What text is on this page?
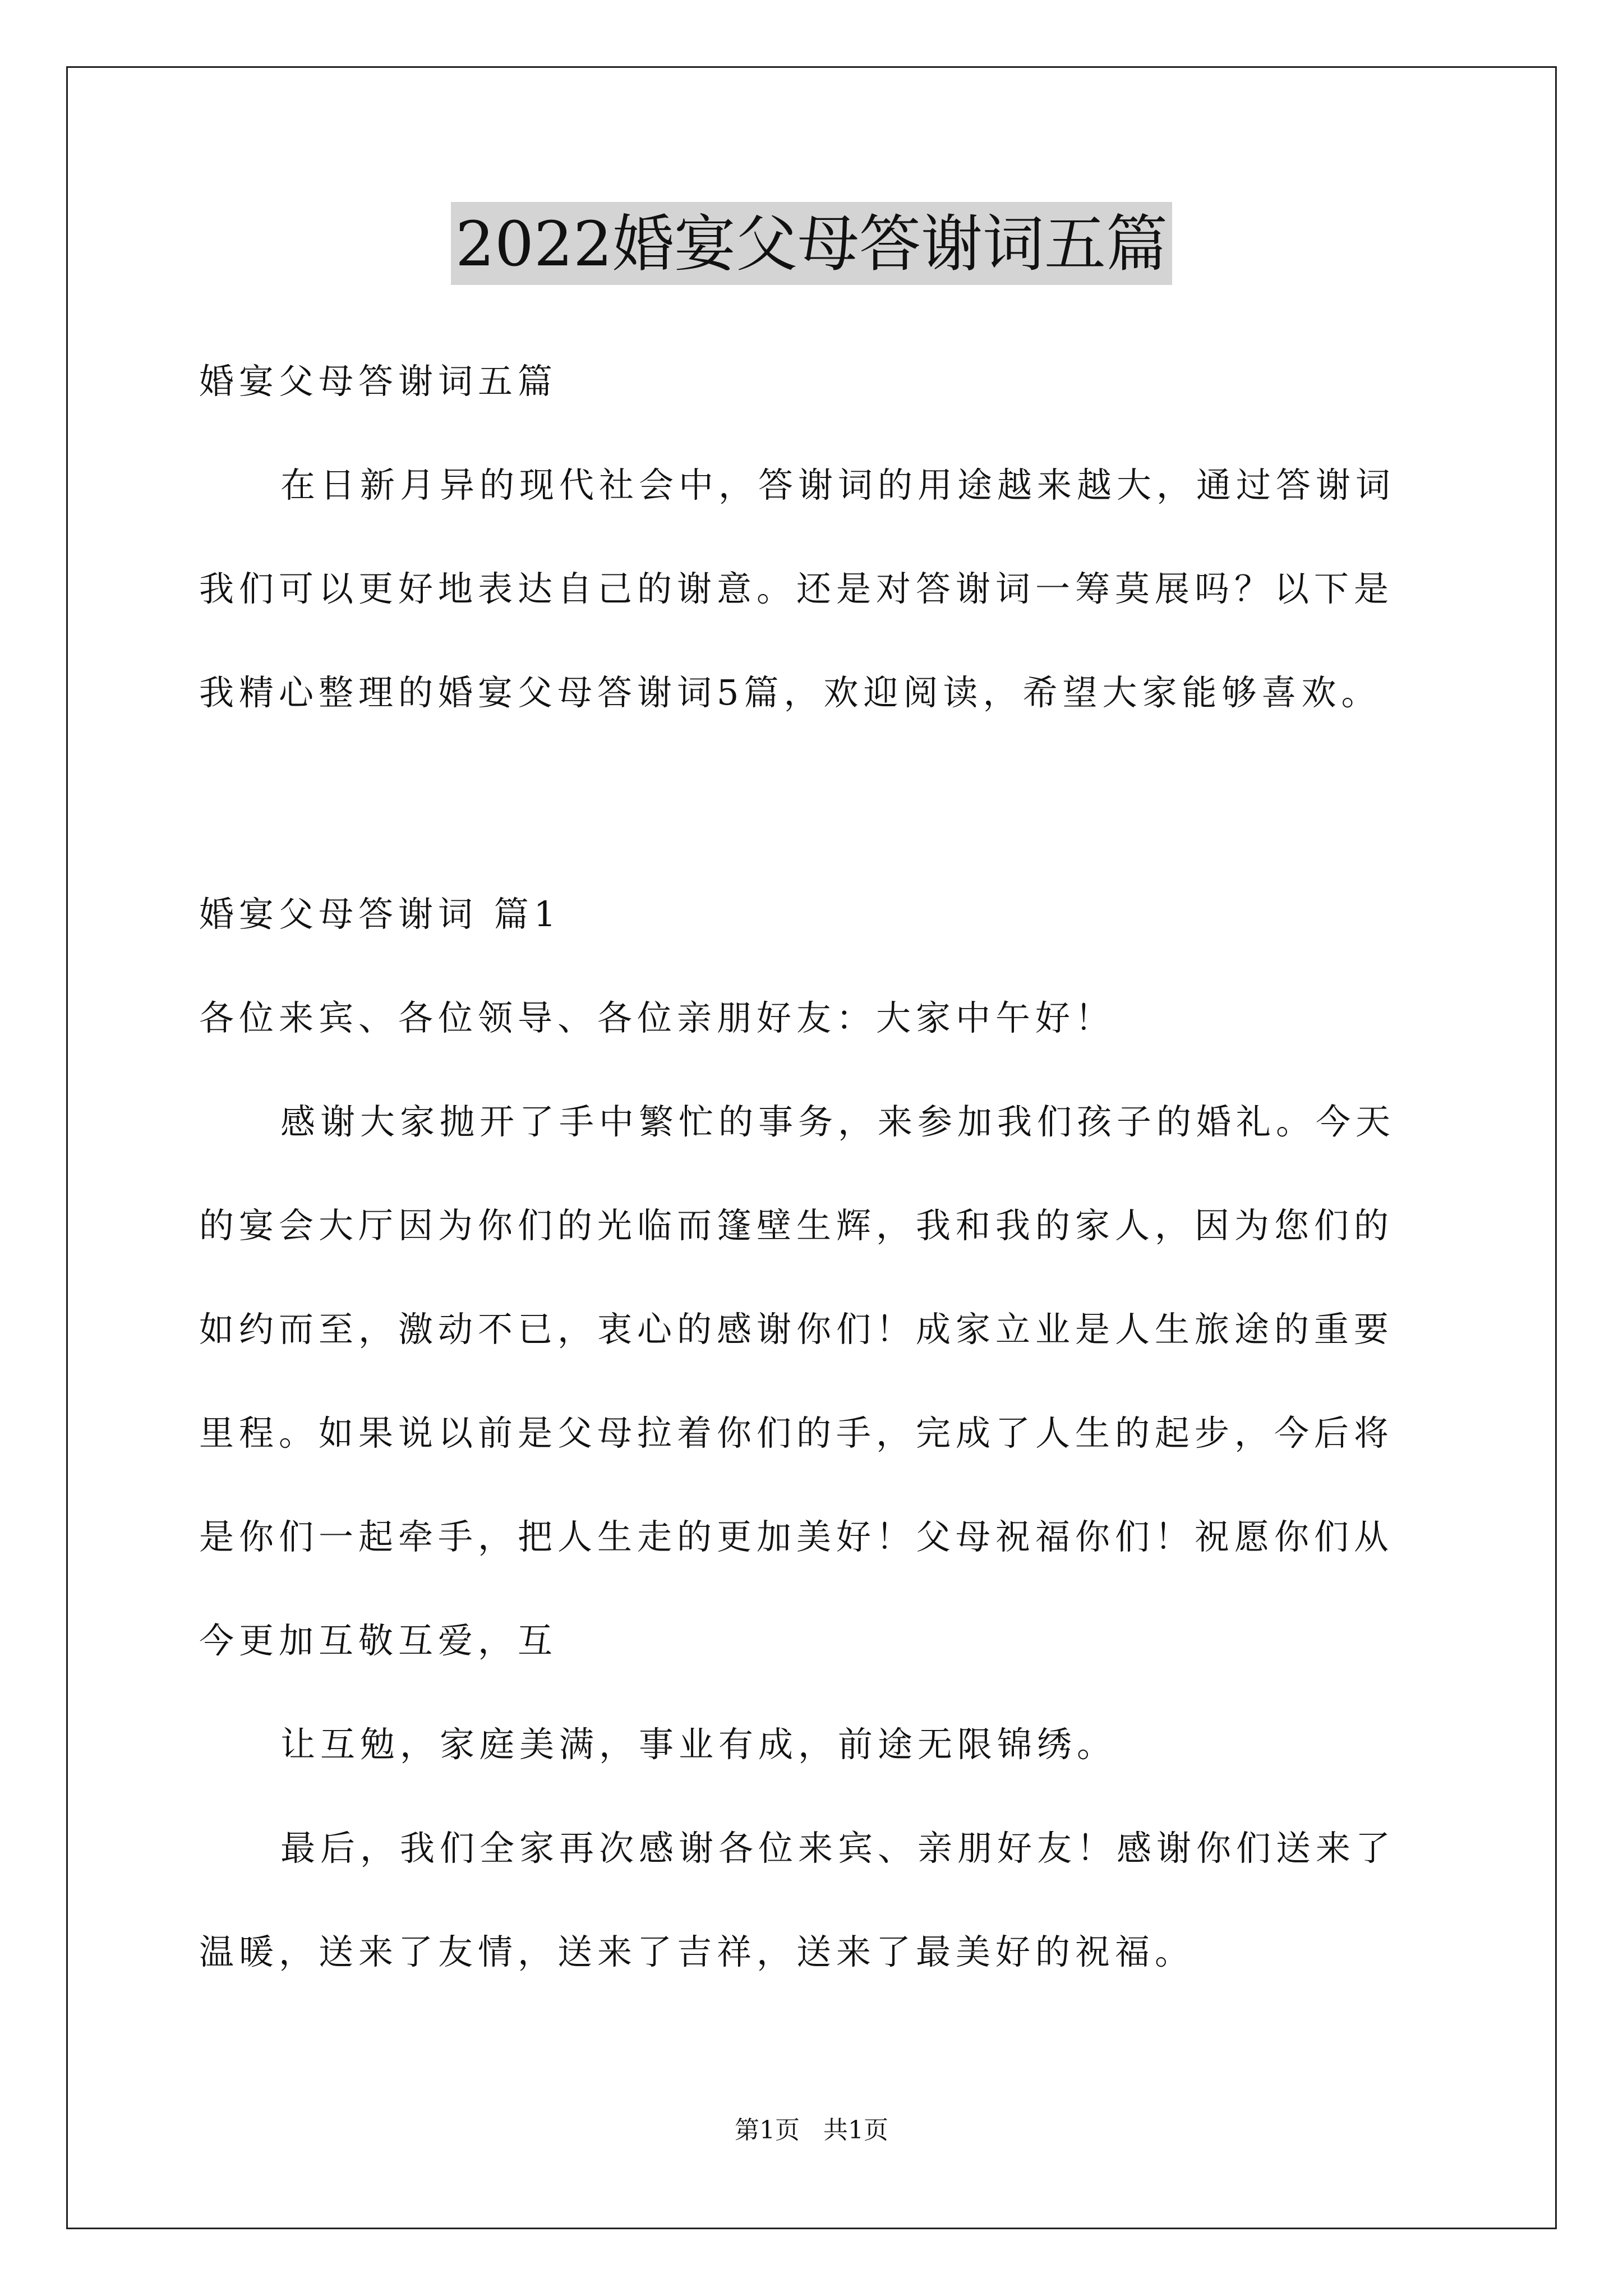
2022婚宴父母答谢词五篇
婚宴父母答谢词五篇
在日新月异的现代社会中，答谢词的用途越来越大，通过答谢词
我们可以更好地表达自己的谢意。还是对答谢词一筹莫展吗？以下是
我精心整理的婚宴父母答谢词5篇，欢迎阅读，希望大家能够喜欢。
婚宴父母答谢词 篇1
各位来宾、各位领导、各位亲朋好友：大家中午好！
感谢大家抛开了手中繁忙的事务，来参加我们孩子的婚礼。今天
的宴会大厅因为你们的光临而篷壁生辉，我和我的家人，因为您们的
如约而至，激动不已，衷心的感谢你们！成家立业是人生旅途的重要
里程。如果说以前是父母拉着你们的手，完成了人生的起步，今后将
是你们一起牵手，把人生走的更加美好！父母祝福你们！祝愿你们从
今更加互敬互爱，互
让互勉，家庭美满，事业有成，前途无限锦绣。
最后，我们全家再次感谢各位来宾、亲朋好友！感谢你们送来了
温暖，送来了友情，送来了吉祥，送来了最美好的祝福。
第1页   共1页
